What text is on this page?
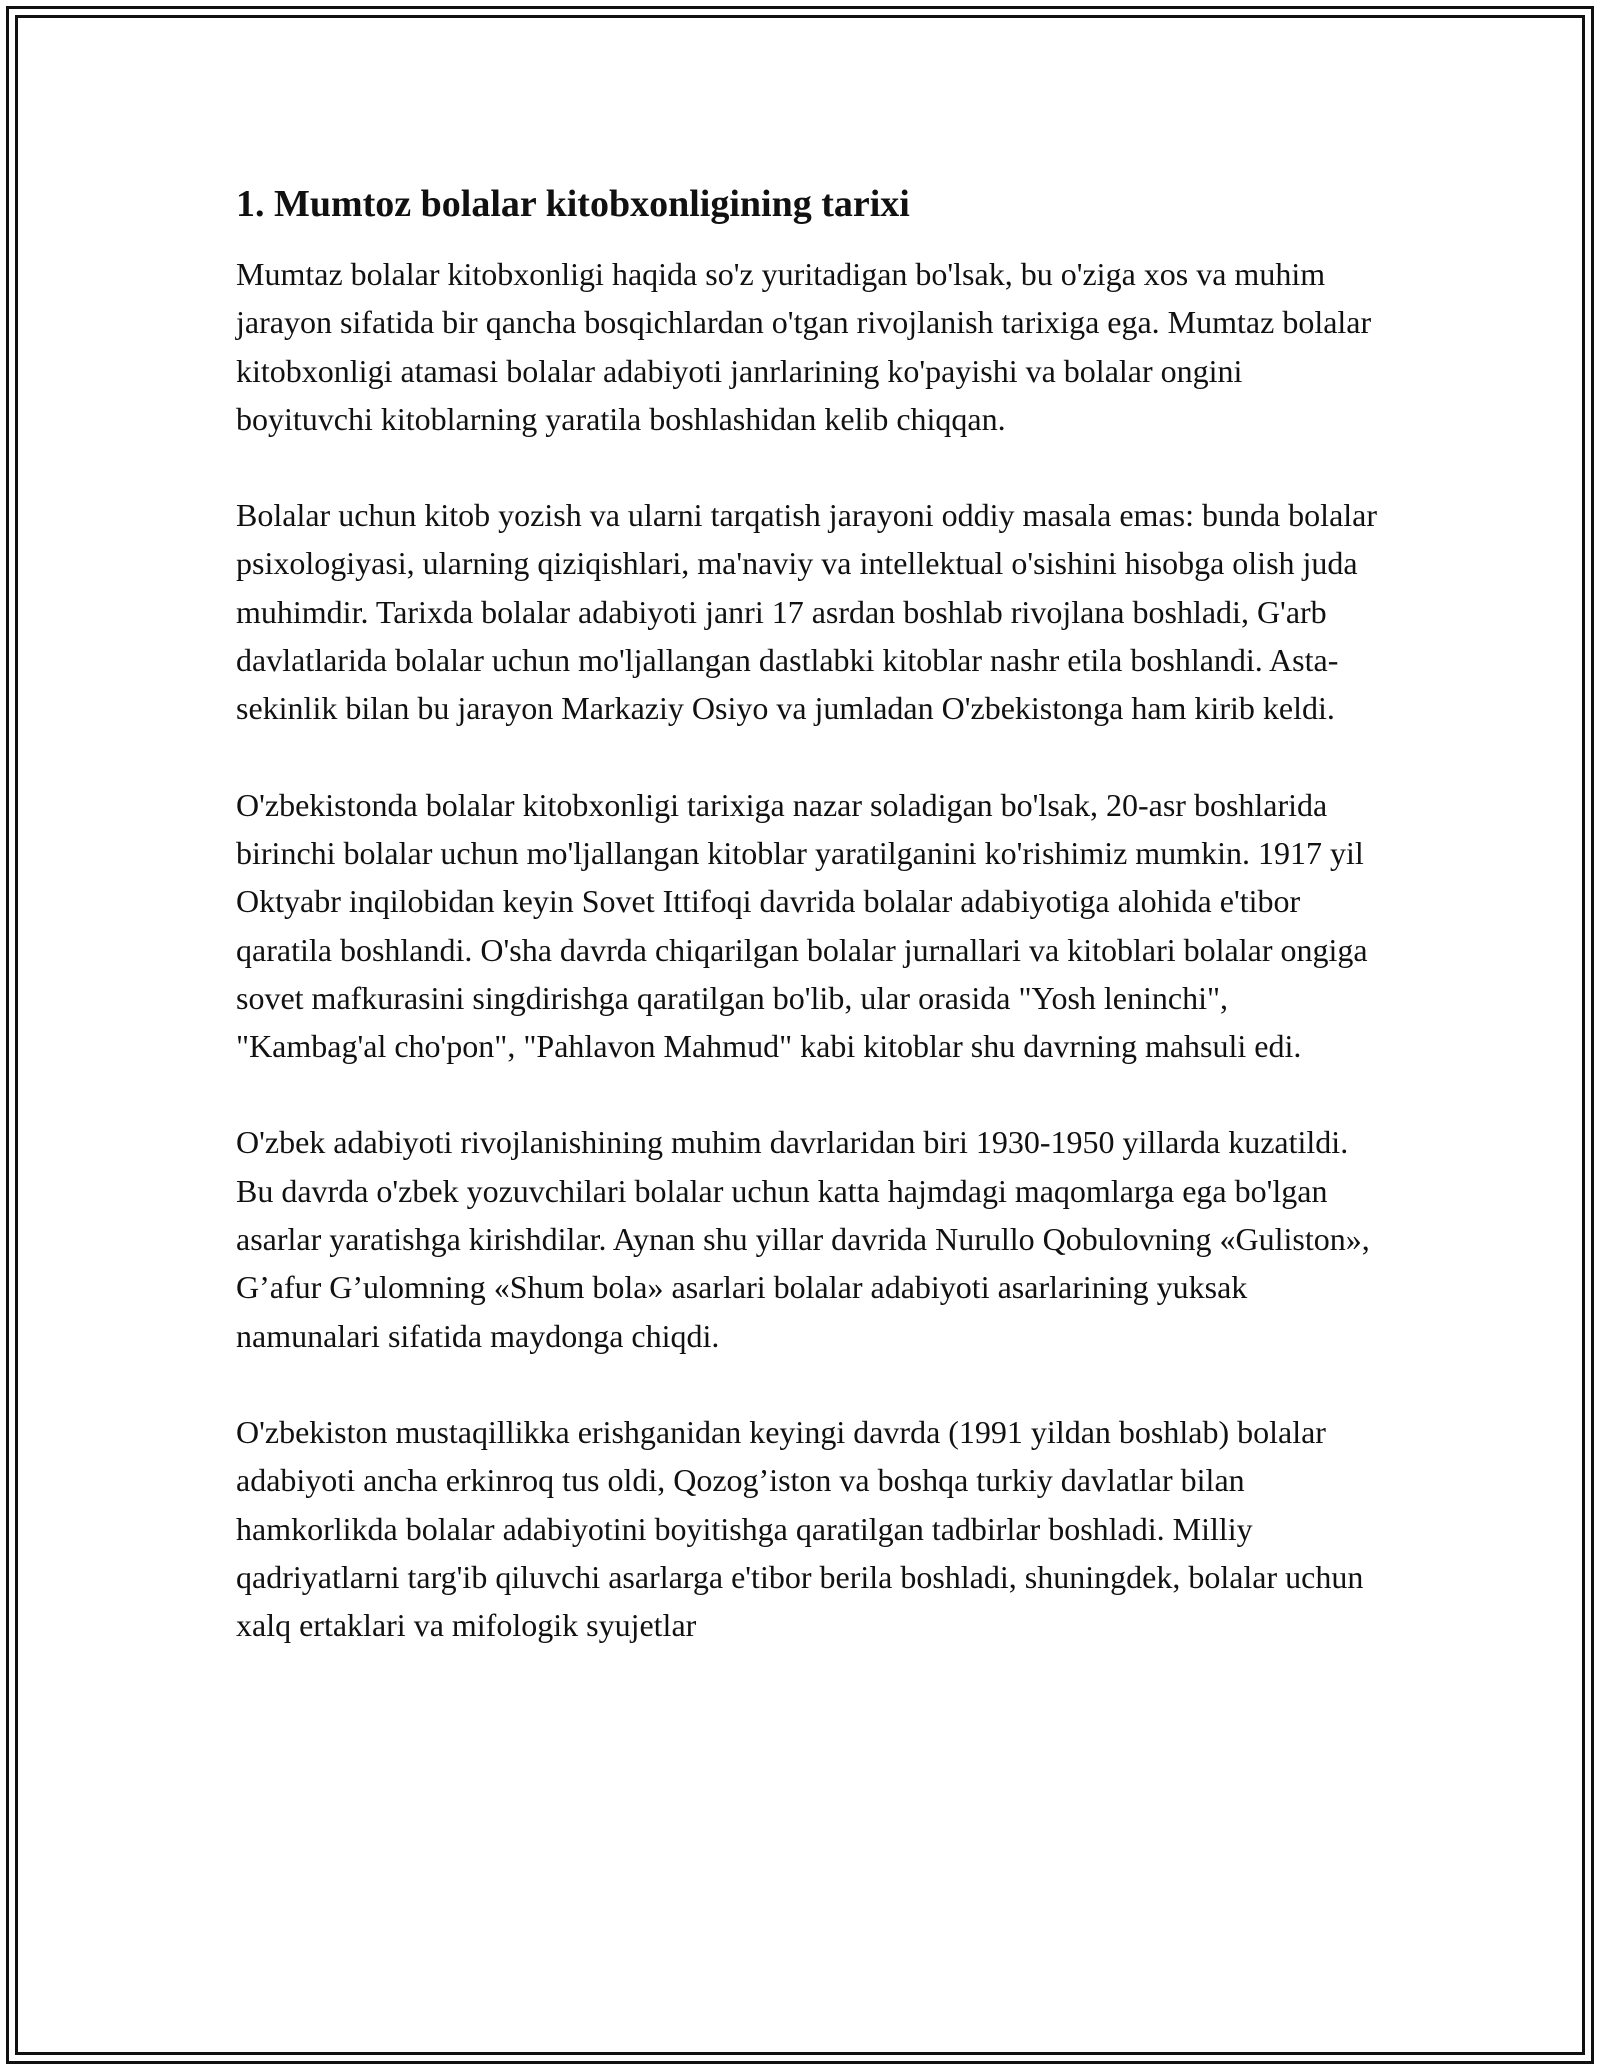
1. Mumtoz bolalar kitobxonligining tarixi

Mumtaz bolalar kitobxonligi haqida so'z yuritadigan bo'lsak, bu o'ziga xos va muhim jarayon sifatida bir qancha bosqichlardan o'tgan rivojlanish tarixiga ega. Mumtaz bolalar kitobxonligi atamasi bolalar adabiyoti janrlarining ko'payishi va bolalar ongini boyituvchi kitoblarning yaratila boshlashidan kelib chiqqan.

Bolalar uchun kitob yozish va ularni tarqatish jarayoni oddiy masala emas: bunda bolalar psixologiyasi, ularning qiziqishlari, ma'naviy va intellektual o'sishini hisobga olish juda muhimdir. Tarixda bolalar adabiyoti janri 17 asrdan boshlab rivojlana boshladi, G'arb davlatlarida bolalar uchun mo'ljallangan dastlabki kitoblar nashr etila boshlandi. Asta-sekinlik bilan bu jarayon Markaziy Osiyo va jumladan O'zbekistonga ham kirib keldi.

O'zbekistonda bolalar kitobxonligi tarixiga nazar soladigan bo'lsak, 20-asr boshlarida birinchi bolalar uchun mo'ljallangan kitoblar yaratilganini ko'rishimiz mumkin. 1917 yil Oktyabr inqilobidan keyin Sovet Ittifoqi davrida bolalar adabiyotiga alohida e'tibor qaratila boshlandi. O'sha davrda chiqarilgan bolalar jurnallari va kitoblari bolalar ongiga sovet mafkurasini singdirishga qaratilgan bo'lib, ular orasida "Yosh leninchi", "Kambag'al cho'pon", "Pahlavon Mahmud" kabi kitoblar shu davrning mahsuli edi.

O'zbek adabiyoti rivojlanishining muhim davrlaridan biri 1930-1950 yillarda kuzatildi. Bu davrda o'zbek yozuvchilari bolalar uchun katta hajmdagi maqomlarga ega bo'lgan asarlar yaratishga kirishdilar. Aynan shu yillar davrida Nurullo Qobulovning «Guliston», G’afur G’ulomning «Shum bola» asarlari bolalar adabiyoti asarlarining yuksak namunalari sifatida maydonga chiqdi.

O'zbekiston mustaqillikka erishganidan keyingi davrda (1991 yildan boshlab) bolalar adabiyoti ancha erkinroq tus oldi, Qozog’iston va boshqa turkiy davlatlar bilan hamkorlikda bolalar adabiyotini boyitishga qaratilgan tadbirlar boshladi. Milliy qadriyatlarni targ'ib qiluvchi asarlarga e'tibor berila boshladi, shuningdek, bolalar uchun xalq ertaklari va mifologik syujetlar
